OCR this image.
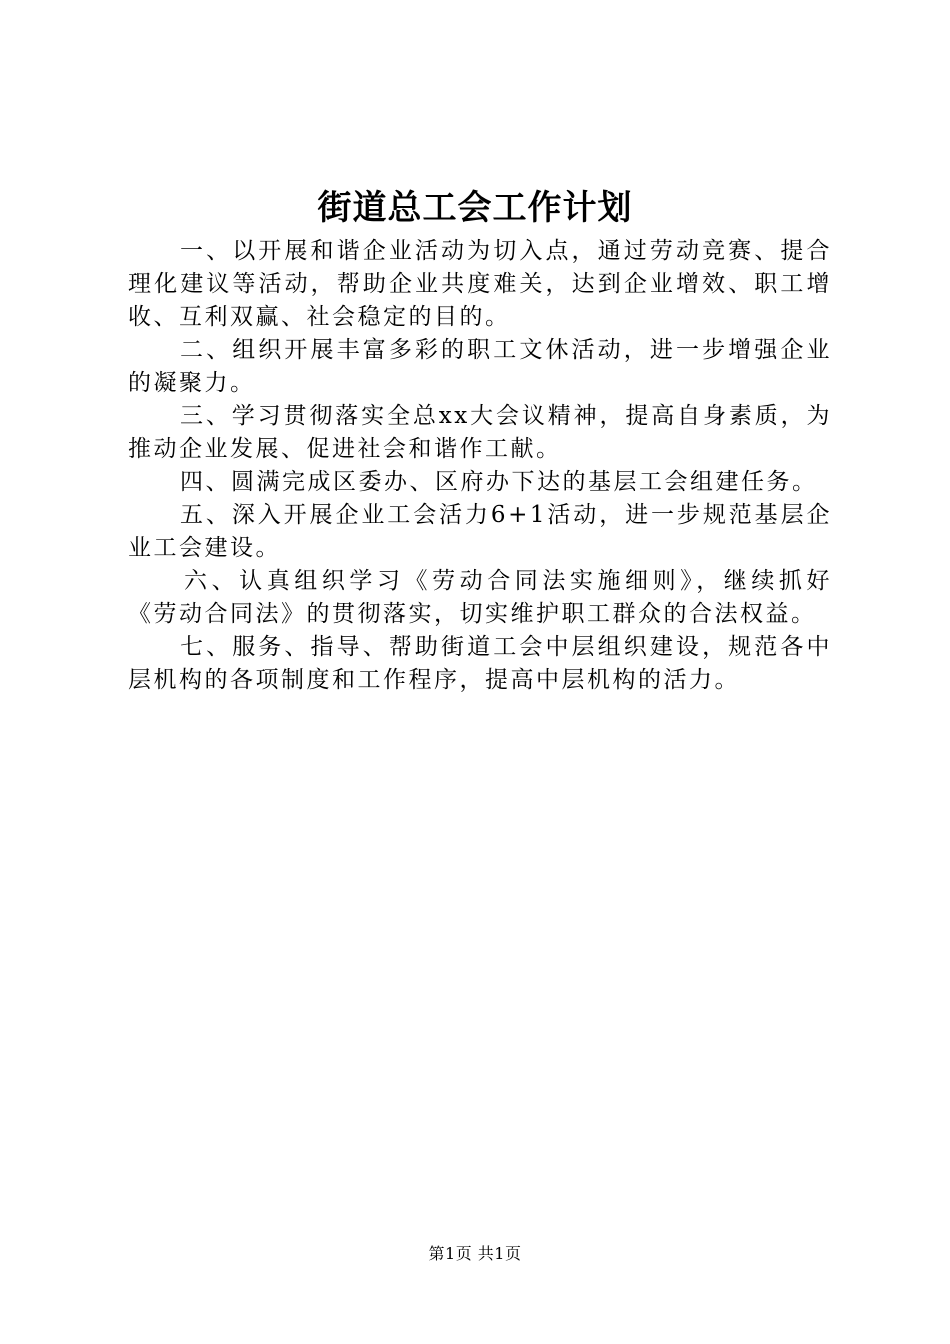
街道总工会工作计划

一、以开展和谐企业活动为切入点，通过劳动竞赛、提合理化建议等活动，帮助企业共度难关，达到企业增效、职工增收、互利双赢、社会稳定的目的。

二、组织开展丰富多彩的职工文休活动，进一步增强企业的凝聚力。

三、学习贯彻落实全总xx大会议精神，提高自身素质，为推动企业发展、促进社会和谐作工献。

四、圆满完成区委办、区府办下达的基层工会组建任务。

五、深入开展企业工会活力6+1活动，进一步规范基层企业工会建设。

六、认真组织学习《劳动合同法实施细则》，继续抓好《劳动合同法》的贯彻落实，切实维护职工群众的合法权益。

七、服务、指导、帮助街道工会中层组织建设，规范各中层机构的各项制度和工作程序，提高中层机构的活力。

第1页 共1页
